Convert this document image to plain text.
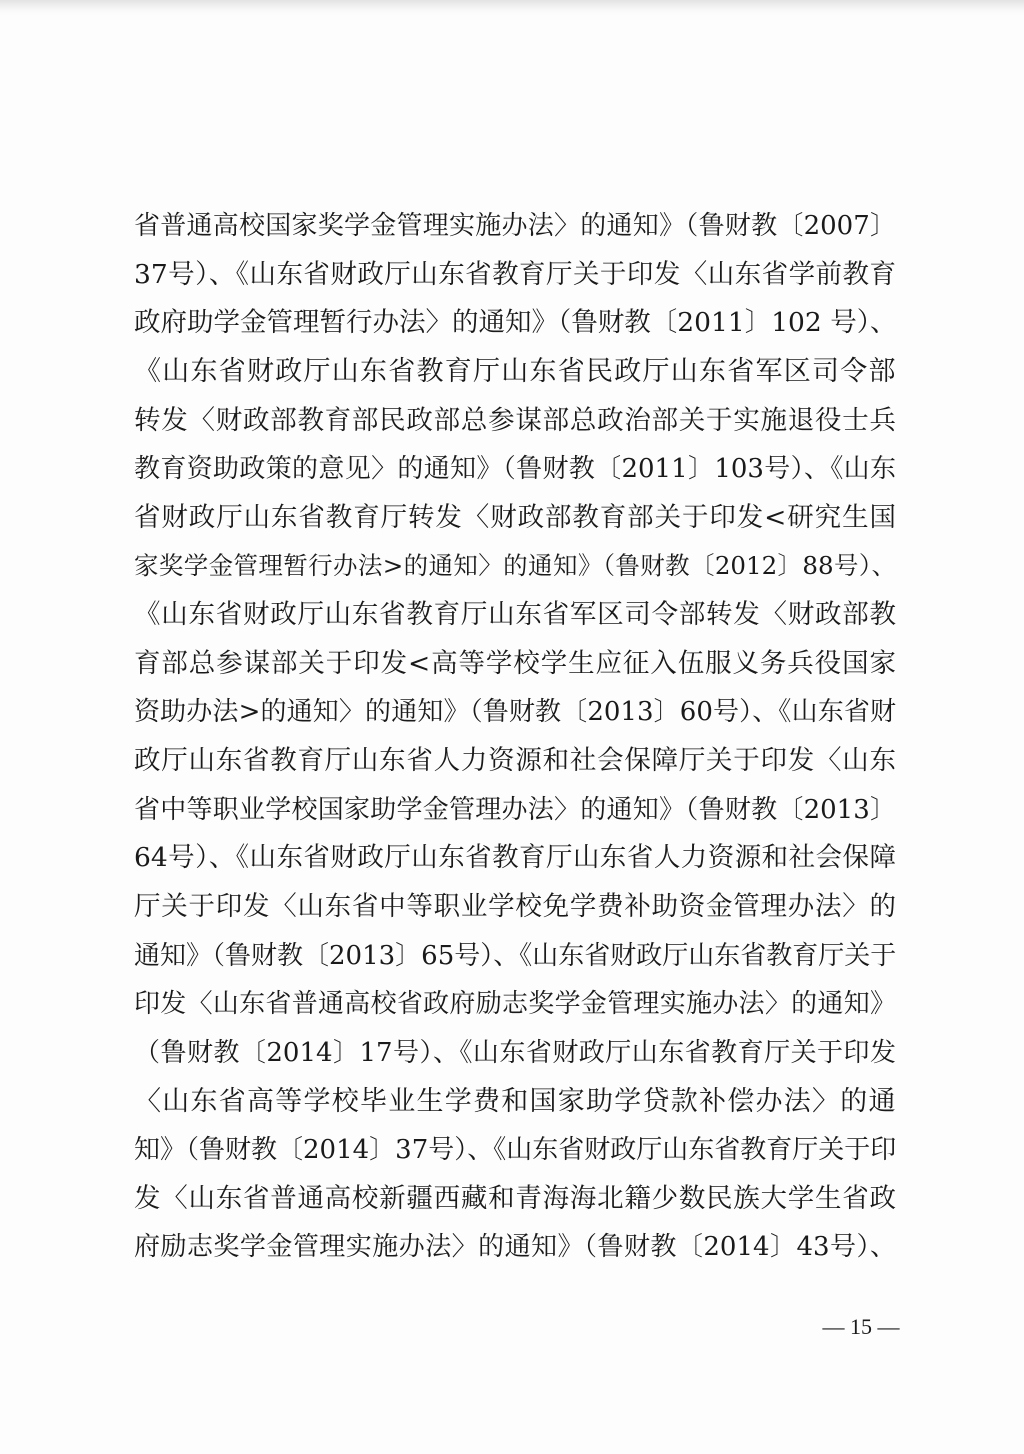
省普通高校国家奖学金管理实施办法〉的通知》（鲁财教〔2007〕
37号）、《山东省财政厅山东省教育厅关于印发〈山东省学前教育
政府助学金管理暂行办法〉的通知》（鲁财教〔2011〕102 号）、
《山东省财政厅山东省教育厅山东省民政厅山东省军区司令部
转发〈财政部教育部民政部总参谋部总政治部关于实施退役士兵
教育资助政策的意见〉的通知》（鲁财教〔2011〕103号）、《山东
省财政厅山东省教育厅转发〈财政部教育部关于印发<研究生国
家奖学金管理暂行办法>的通知〉的通知》（鲁财教〔2012〕88号）、
《山东省财政厅山东省教育厅山东省军区司令部转发〈财政部教
育部总参谋部关于印发<高等学校学生应征入伍服义务兵役国家
资助办法>的通知〉的通知》（鲁财教〔2013〕60号）、《山东省财
政厅山东省教育厅山东省人力资源和社会保障厅关于印发〈山东
省中等职业学校国家助学金管理办法〉的通知》（鲁财教〔2013〕
64号）、《山东省财政厅山东省教育厅山东省人力资源和社会保障
厅关于印发〈山东省中等职业学校免学费补助资金管理办法〉的
通知》（鲁财教〔2013〕65号）、《山东省财政厅山东省教育厅关于
印发〈山东省普通高校省政府励志奖学金管理实施办法〉的通知》
（鲁财教〔2014〕17号）、《山东省财政厅山东省教育厅关于印发
〈山东省高等学校毕业生学费和国家助学贷款补偿办法〉的通
知》（鲁财教〔2014〕37号）、《山东省财政厅山东省教育厅关于印
发〈山东省普通高校新疆西藏和青海海北籍少数民族大学生省政
府励志奖学金管理实施办法〉的通知》（鲁财教〔2014〕43号）、
— 15 —
